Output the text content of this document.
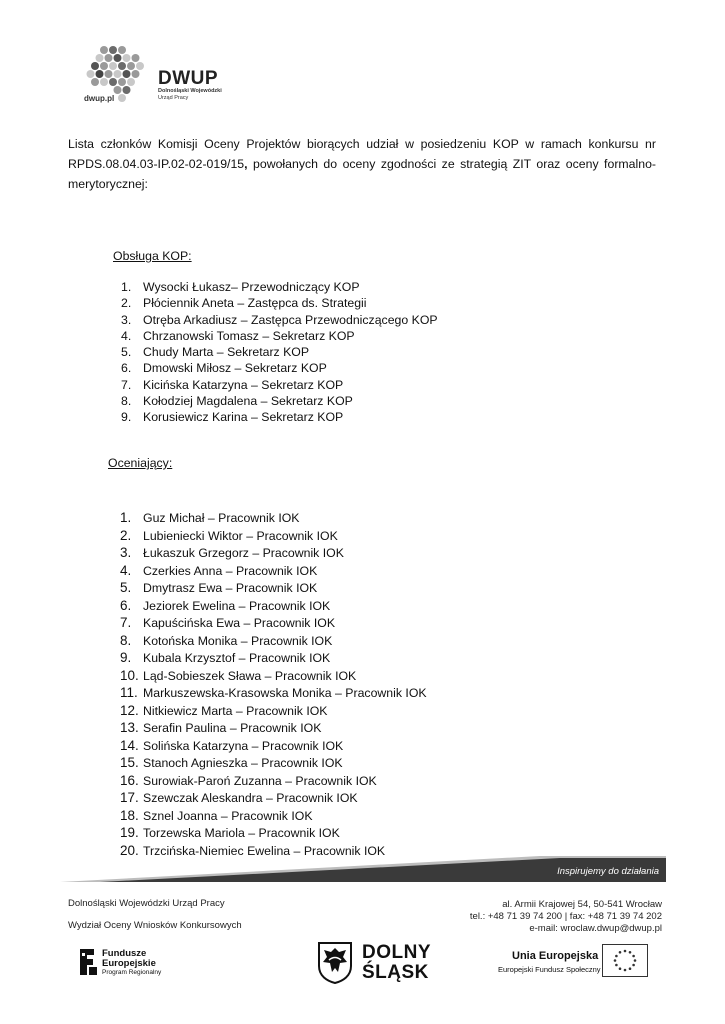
dwup.pl
DWUP
Dolnośląski Wojewódzki
Urząd Pracy

Lista członków Komisji Oceny Projektów biorących udział w posiedzeniu KOP w ramach konkursu nr RPDS.08.04.03-IP.02-02-019/15, powołanych do oceny zgodności ze strategią ZIT oraz oceny formalno-merytorycznej:

Obsługa KOP:
1. Wysocki Łukasz– Przewodniczący KOP
2. Płóciennik Aneta – Zastępca ds. Strategii
3. Otręba Arkadiusz – Zastępca Przewodniczącego KOP
4. Chrzanowski Tomasz – Sekretarz KOP
5. Chudy Marta – Sekretarz KOP
6. Dmowski Miłosz – Sekretarz KOP
7. Kicińska Katarzyna – Sekretarz KOP
8. Kołodziej Magdalena – Sekretarz KOP
9. Korusiewicz Karina – Sekretarz KOP
Oceniający:
1. Guz Michał – Pracownik IOK
2. Lubieniecki Wiktor – Pracownik IOK
3. Łukaszuk Grzegorz – Pracownik IOK
4. Czerkies Anna – Pracownik IOK
5. Dmytrasz Ewa – Pracownik IOK
6. Jeziorek Ewelina – Pracownik IOK
7. Kapuścińska Ewa – Pracownik IOK
8. Kotońska Monika – Pracownik IOK
9. Kubala Krzysztof – Pracownik IOK
10. Ląd-Sobieszek Sława – Pracownik IOK
11. Markuszewska-Krasowska Monika – Pracownik IOK
12. Nitkiewicz Marta – Pracownik IOK
13. Serafin Paulina – Pracownik IOK
14. Solińska Katarzyna – Pracownik IOK
15. Stanoch Agnieszka – Pracownik IOK
16. Surowiak-Paroń Zuzanna – Pracownik IOK
17. Szewczak Aleskandra – Pracownik IOK
18. Sznel Joanna – Pracownik IOK
19. Torzewska Mariola – Pracownik IOK
20. Trzcińska-Niemiec Ewelina – Pracownik IOK
Inspirujemy do działania
Dolnośląski Wojewódzki Urząd Pracy
Wydział Oceny Wniosków Konkursowych
al. Armii Krajowej 54, 50-541 Wrocław
tel.: +48 71 39 74 200 | fax: +48 71 39 74 202
e-mail: wroclaw.dwup@dwup.pl
Fundusze
Europejskie
Program Regionalny
DOLNY
ŚLĄSK
Unia Europejska
Europejski Fundusz Społeczny
